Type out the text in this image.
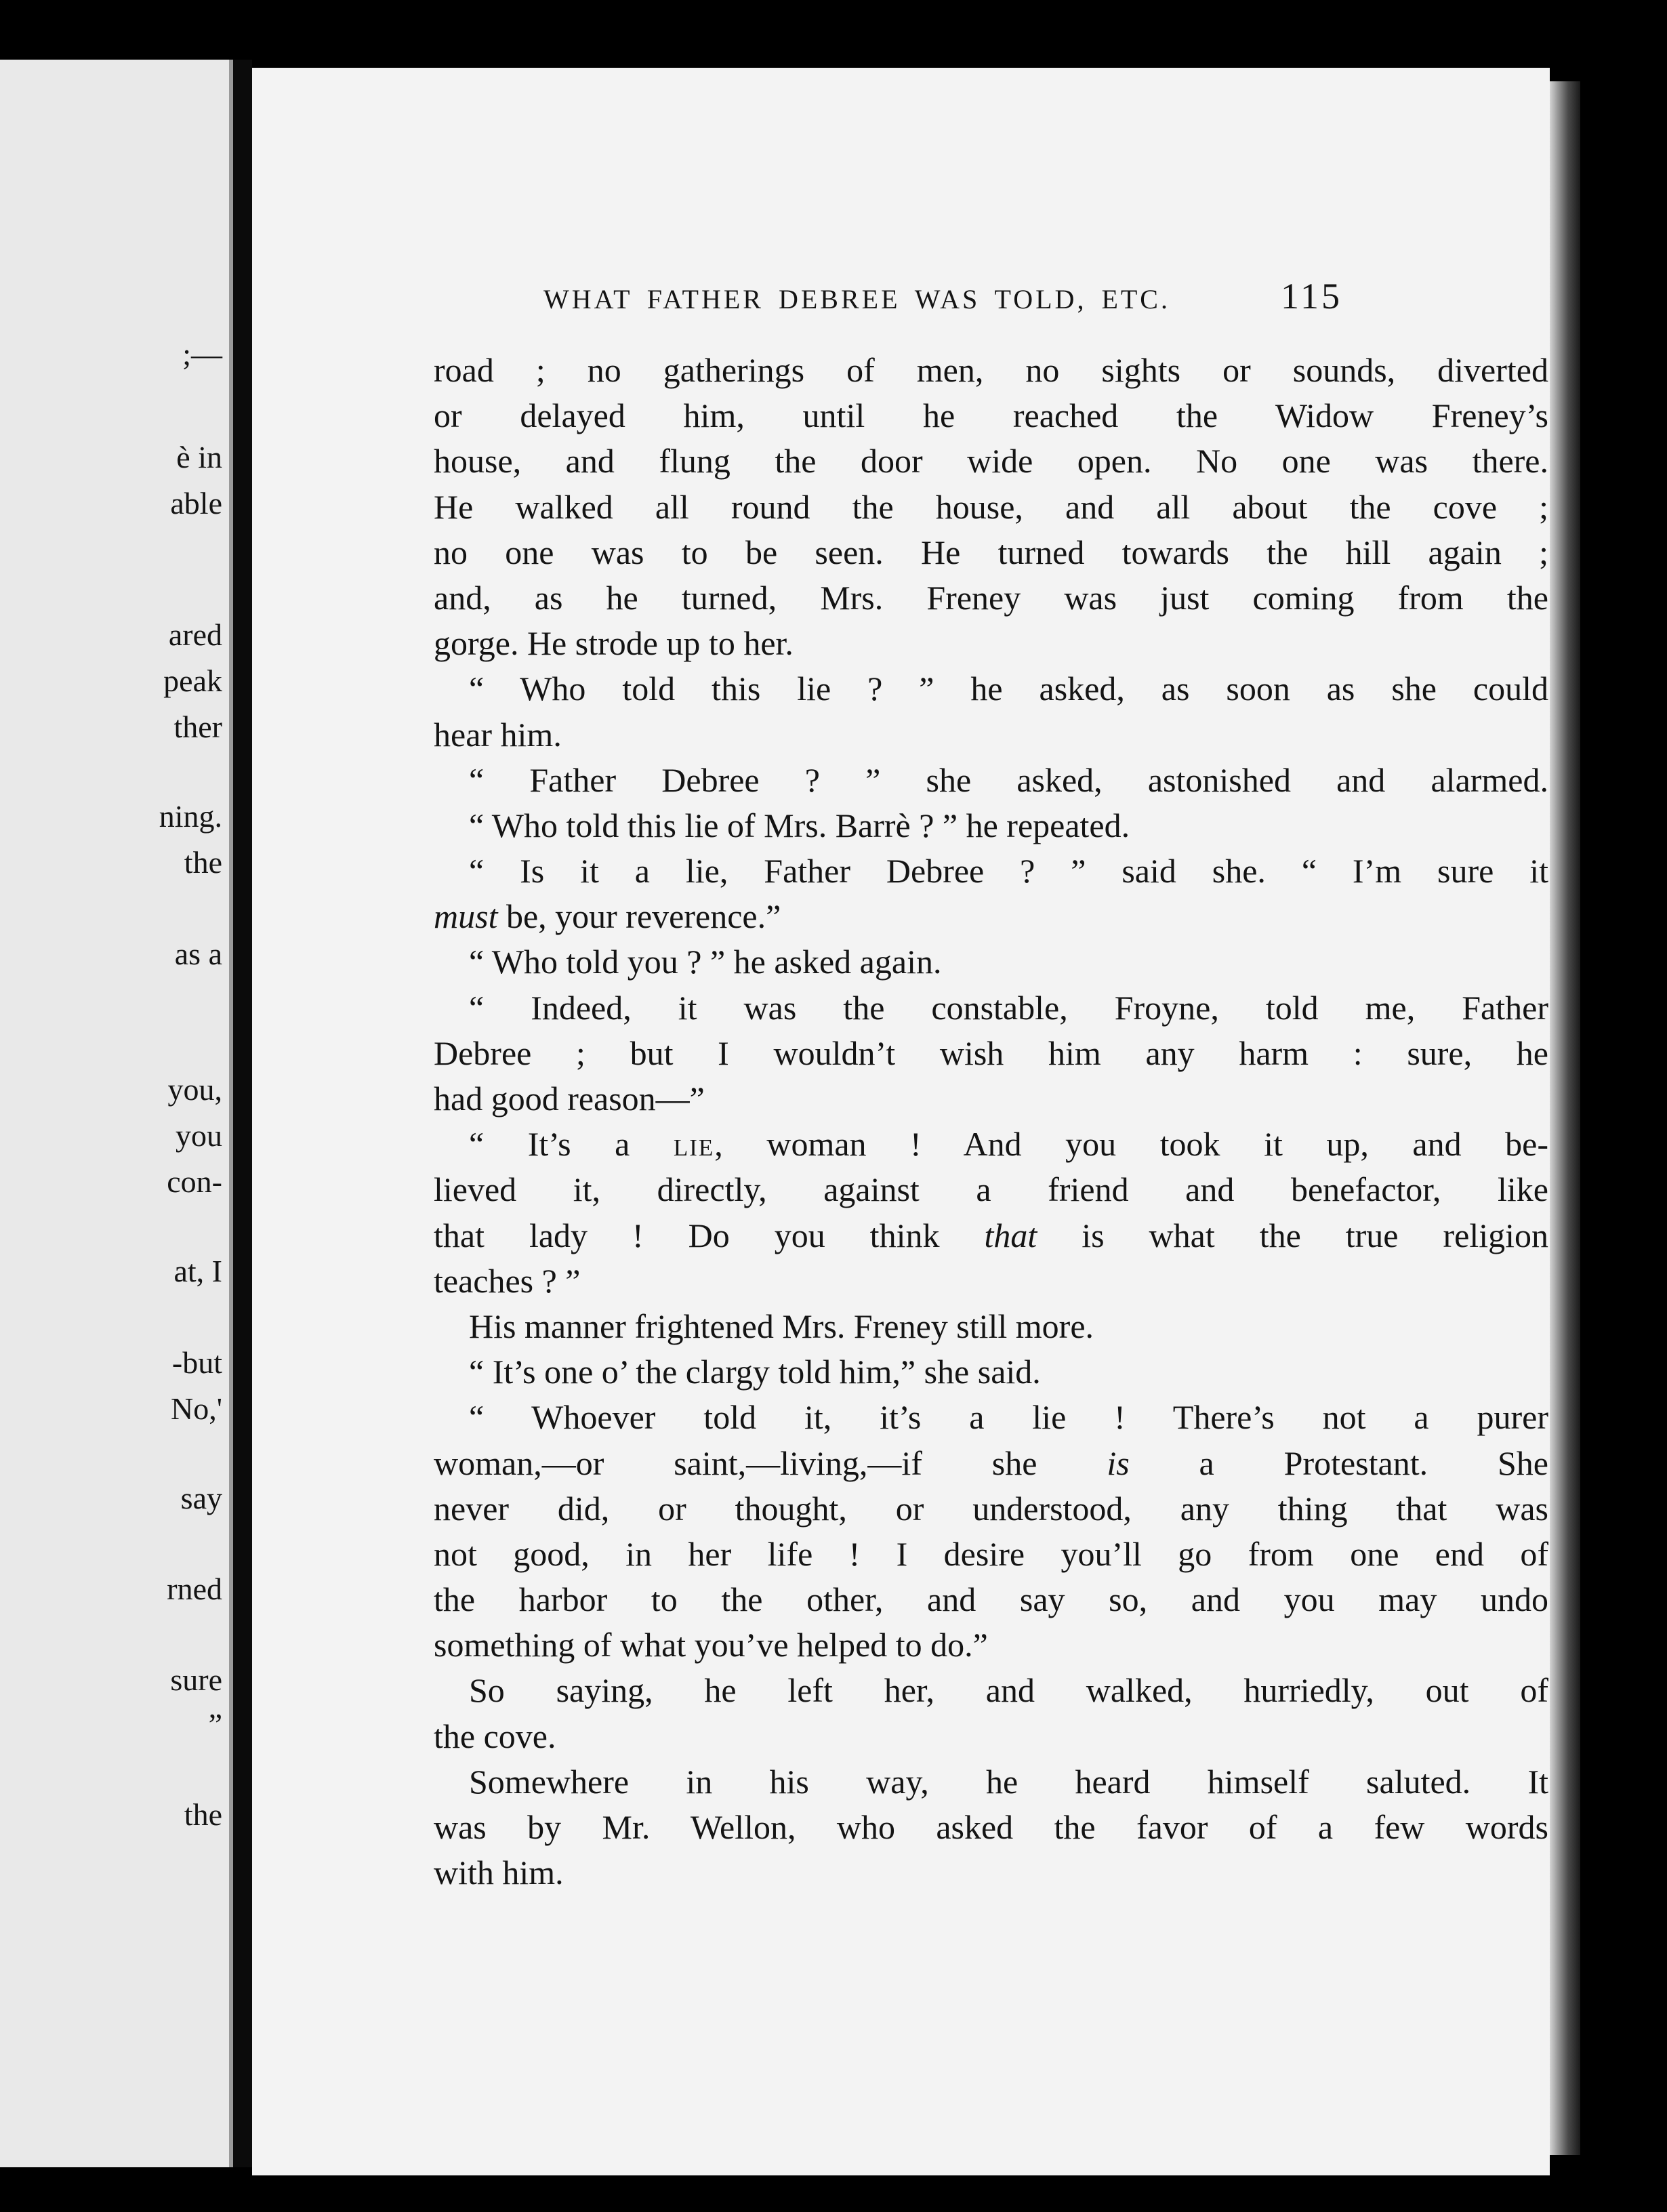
;—
è in
able
ared
peak
ther
ning.
the
as a
you,
you
con-
at, I
-but
No,'
say
rned
sure
”
the
WHAT FATHER DEBREE WAS TOLD, ETC.	115
road ; no gatherings of men, no sights or sounds, diverted
or delayed him, until he reached the Widow Freney’s
house, and flung the door wide open. No one was there.
He walked all round the house, and all about the cove ;
no one was to be seen. He turned towards the hill again ;
and, as he turned, Mrs. Freney was just coming from the
gorge. He strode up to her.
“ Who told this lie ? ” he asked, as soon as she could
hear him.
“ Father Debree ? ” she asked, astonished and alarmed.
“ Who told this lie of Mrs. Barrè ? ” he repeated.
“ Is it a lie, Father Debree ? ” said she. “ I’m sure it
must be, your reverence.”
“ Who told you ? ” he asked again.
“ Indeed, it was the constable, Froyne, told me, Father
Debree ; but I wouldn’t wish him any harm : sure, he
had good reason—”
“ It’s a lie, woman ! And you took it up, and be-
lieved it, directly, against a friend and benefactor, like
that lady ! Do you think that is what the true religion
teaches ? ”
His manner frightened Mrs. Freney still more.
“ It’s one o’ the clargy told him,” she said.
“ Whoever told it, it’s a lie ! There’s not a purer
woman,—or saint,—living,—if she is a Protestant. She
never did, or thought, or understood, any thing that was
not good, in her life ! I desire you’ll go from one end of
the harbor to the other, and say so, and you may undo
something of what you’ve helped to do.”
So saying, he left her, and walked, hurriedly, out of
the cove.
Somewhere in his way, he heard himself saluted. It
was by Mr. Wellon, who asked the favor of a few words
with him.
